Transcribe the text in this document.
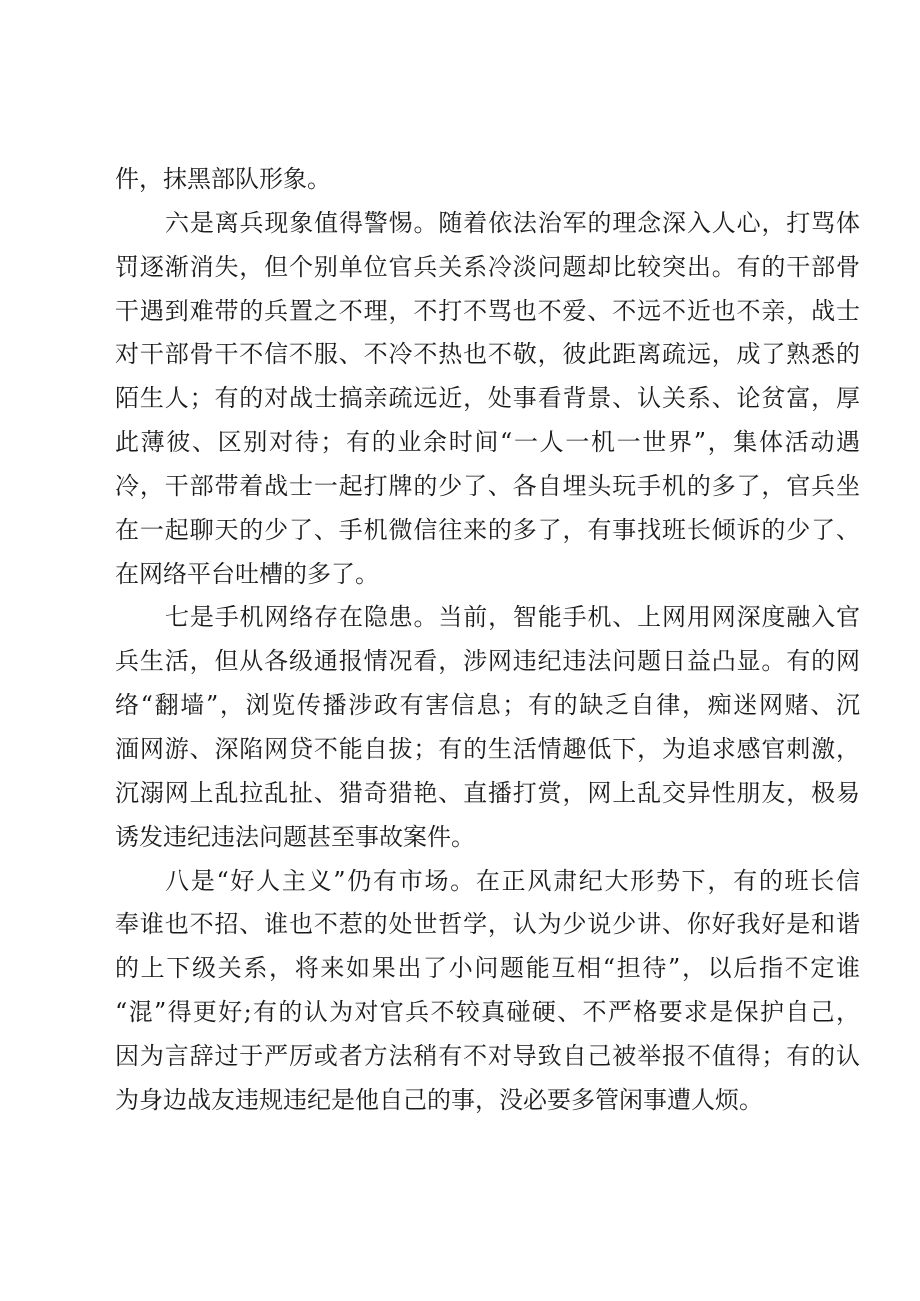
件，抹黑部队形象。
六是离兵现象值得警惕。随着依法治军的理念深入人心，打骂体
罚逐渐消失，但个别单位官兵关系冷淡问题却比较突出。有的干部骨
干遇到难带的兵置之不理，不打不骂也不爱、不远不近也不亲，战士
对干部骨干不信不服、不冷不热也不敬，彼此距离疏远，成了熟悉的
陌生人；有的对战士搞亲疏远近，处事看背景、认关系、论贫富，厚
此薄彼、区别对待；有的业余时间“一人一机一世界”，集体活动遇
冷，干部带着战士一起打牌的少了、各自埋头玩手机的多了，官兵坐
在一起聊天的少了、手机微信往来的多了，有事找班长倾诉的少了、
在网络平台吐槽的多了。
七是手机网络存在隐患。当前，智能手机、上网用网深度融入官
兵生活，但从各级通报情况看，涉网违纪违法问题日益凸显。有的网
络“翻墙”，浏览传播涉政有害信息；有的缺乏自律，痴迷网赌、沉
湎网游、深陷网贷不能自拔；有的生活情趣低下，为追求感官刺激，
沉溺网上乱拉乱扯、猎奇猎艳、直播打赏，网上乱交异性朋友，极易
诱发违纪违法问题甚至事故案件。
八是“好人主义”仍有市场。在正风肃纪大形势下，有的班长信
奉谁也不招、谁也不惹的处世哲学，认为少说少讲、你好我好是和谐
的上下级关系，将来如果出了小问题能互相“担待”，以后指不定谁
“混”得更好;有的认为对官兵不较真碰硬、不严格要求是保护自己，
因为言辞过于严厉或者方法稍有不对导致自己被举报不值得；有的认
为身边战友违规违纪是他自己的事，没必要多管闲事遭人烦。
